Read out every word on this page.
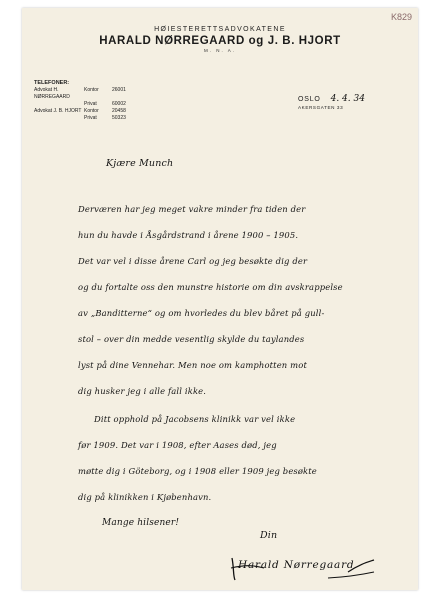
K829
HØIESTERETTSADVOKATENE
HARALD NØRREGAARD og J. B. HJORT
M. N. A.
TELEFONER:
Advokat H. NØRREGAARD
Kontor	26001
Privat	60002
Advokat J. B. HJORT Kontor	20458
Privat	50323
OSLO 4. 4. 34
AKERSGATEN 33
Kjære Munch
Derværen har jeg meget vakre minder fra tiden der
hun du havde i Åsgårdstrand i årene 1900 – 1905.
Det var vel i disse årene Carl og jeg besøkte dig der
og du fortalte oss den munstre historie om din avskrappelse
av „Banditterne“ og om hvorledes du blev båret på gull-
stol – over din medde vesentlig skylde du taylandes
lyst på dine Vennehar. Men noe om kamphotten mot
dig husker jeg i alle fall ikke.
Ditt opphold på Jacobsens klinikk var vel ikke
før 1909. Det var i 1908, efter Aases død, jeg
møtte dig i Göteborg, og i 1908 eller 1909 jeg besøkte
dig på klinikken i Kjøbenhavn.
Mange hilsener!
Din
Harald Nørregaard
